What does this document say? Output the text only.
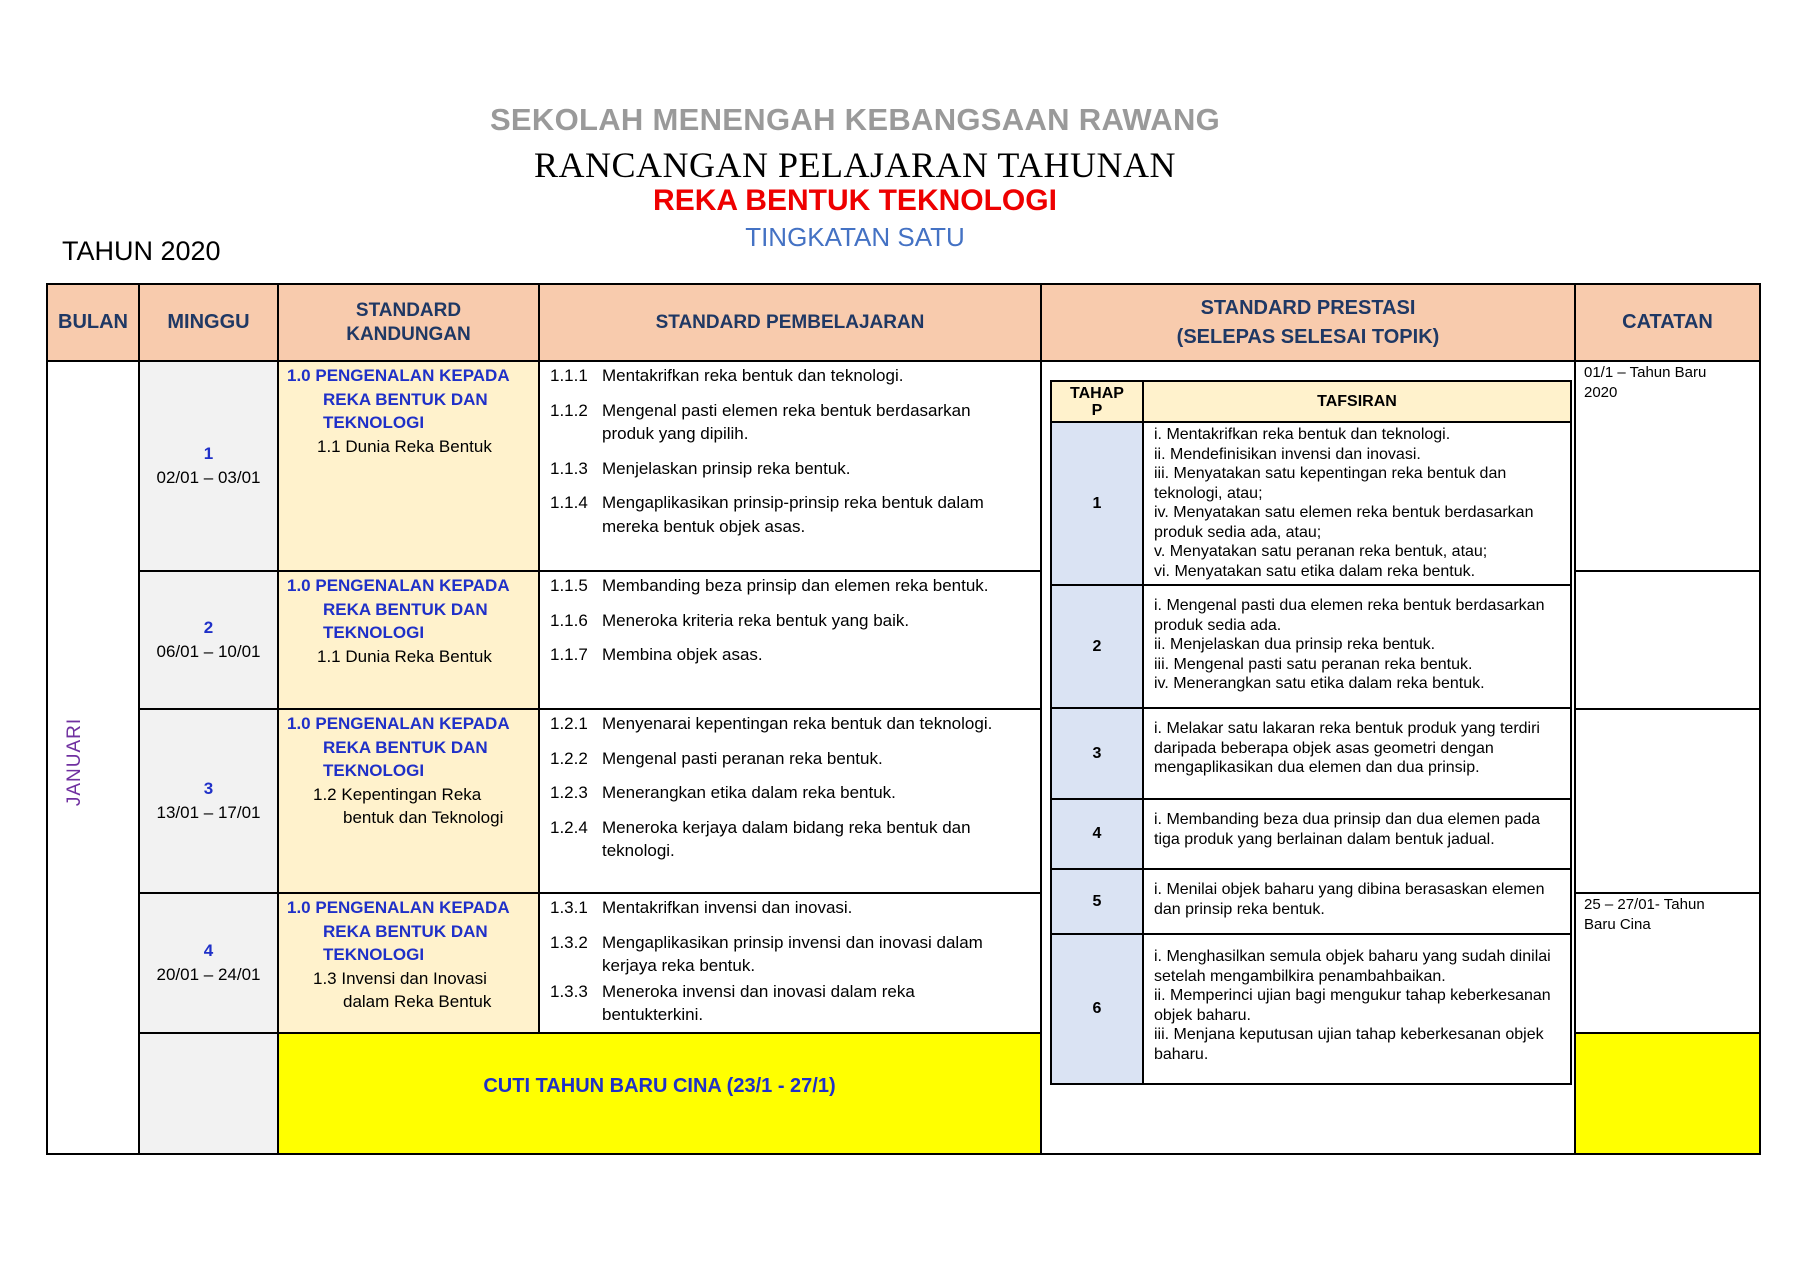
SEKOLAH MENENGAH KEBANGSAAN RAWANG
RANCANGAN PELAJARAN TAHUNAN
REKA BENTUK TEKNOLOGI
TINGKATAN SATU
TAHUN 2020
BULAN MINGGU
STANDARD KANDUNGAN
STANDARD PEMBELAJARAN
STANDARD PRESTASI
(SELEPAS SELESAI TOPIK)
CATATAN
JANUARI
1
02/01 – 03/01
1.0 PENGENALAN KEPADA
REKA BENTUK DAN
TEKNOLOGI
1.1 Dunia Reka Bentuk
1.1.1 Mentakrifkan reka bentuk dan teknologi.
1.1.2 Mengenal pasti elemen reka bentuk berdasarkan produk yang dipilih.
1.1.3 Menjelaskan prinsip reka bentuk.
1.1.4 Mengaplikasikan prinsip-prinsip reka bentuk dalam mereka bentuk objek asas.
01/1 – Tahun Baru 2020
2
06/01 – 10/01
1.0 PENGENALAN KEPADA
REKA BENTUK DAN
TEKNOLOGI
1.1 Dunia Reka Bentuk
1.1.5 Membanding beza prinsip dan elemen reka bentuk.
1.1.6 Meneroka kriteria reka bentuk yang baik.
1.1.7 Membina objek asas.
3
13/01 – 17/01
1.0 PENGENALAN KEPADA
REKA BENTUK DAN
TEKNOLOGI
1.2 Kepentingan Reka
bentuk dan Teknologi
1.2.1 Menyenarai kepentingan reka bentuk dan teknologi.
1.2.2 Mengenal pasti peranan reka bentuk.
1.2.3 Menerangkan etika dalam reka bentuk.
1.2.4 Meneroka kerjaya dalam bidang reka bentuk dan teknologi.
4
20/01 – 24/01
1.0 PENGENALAN KEPADA
REKA BENTUK DAN
TEKNOLOGI
1.3 Invensi dan Inovasi
dalam Reka Bentuk
1.3.1 Mentakrifkan invensi dan inovasi.
1.3.2 Mengaplikasikan prinsip invensi dan inovasi dalam kerjaya reka bentuk.
1.3.3 Meneroka invensi dan inovasi dalam reka bentukterkini.
25 – 27/01- Tahun Baru Cina
CUTI TAHUN BARU CINA (23/1 - 27/1)
TAHAP P	TAFSIRAN
1
i. Mentakrifkan reka bentuk dan teknologi.
ii. Mendefinisikan invensi dan inovasi.
iii. Menyatakan satu kepentingan reka bentuk dan teknologi, atau;
iv. Menyatakan satu elemen reka bentuk berdasarkan produk sedia ada, atau;
v. Menyatakan satu peranan reka bentuk, atau;
vi. Menyatakan satu etika dalam reka bentuk.
2
i. Mengenal pasti dua elemen reka bentuk berdasarkan produk sedia ada.
ii. Menjelaskan dua prinsip reka bentuk.
iii. Mengenal pasti satu peranan reka bentuk.
iv. Menerangkan satu etika dalam reka bentuk.
3
i. Melakar satu lakaran reka bentuk produk yang terdiri daripada beberapa objek asas geometri dengan mengaplikasikan dua elemen dan dua prinsip.
4
i. Membanding beza dua prinsip dan dua elemen pada tiga produk yang berlainan dalam bentuk jadual.
5
i. Menilai objek baharu yang dibina berasaskan elemen dan prinsip reka bentuk.
6
i. Menghasilkan semula objek baharu yang sudah dinilai setelah mengambilkira penambahbaikan.
ii. Memperinci ujian bagi mengukur tahap keberkesanan objek baharu.
iii. Menjana keputusan ujian tahap keberkesanan objek baharu.
